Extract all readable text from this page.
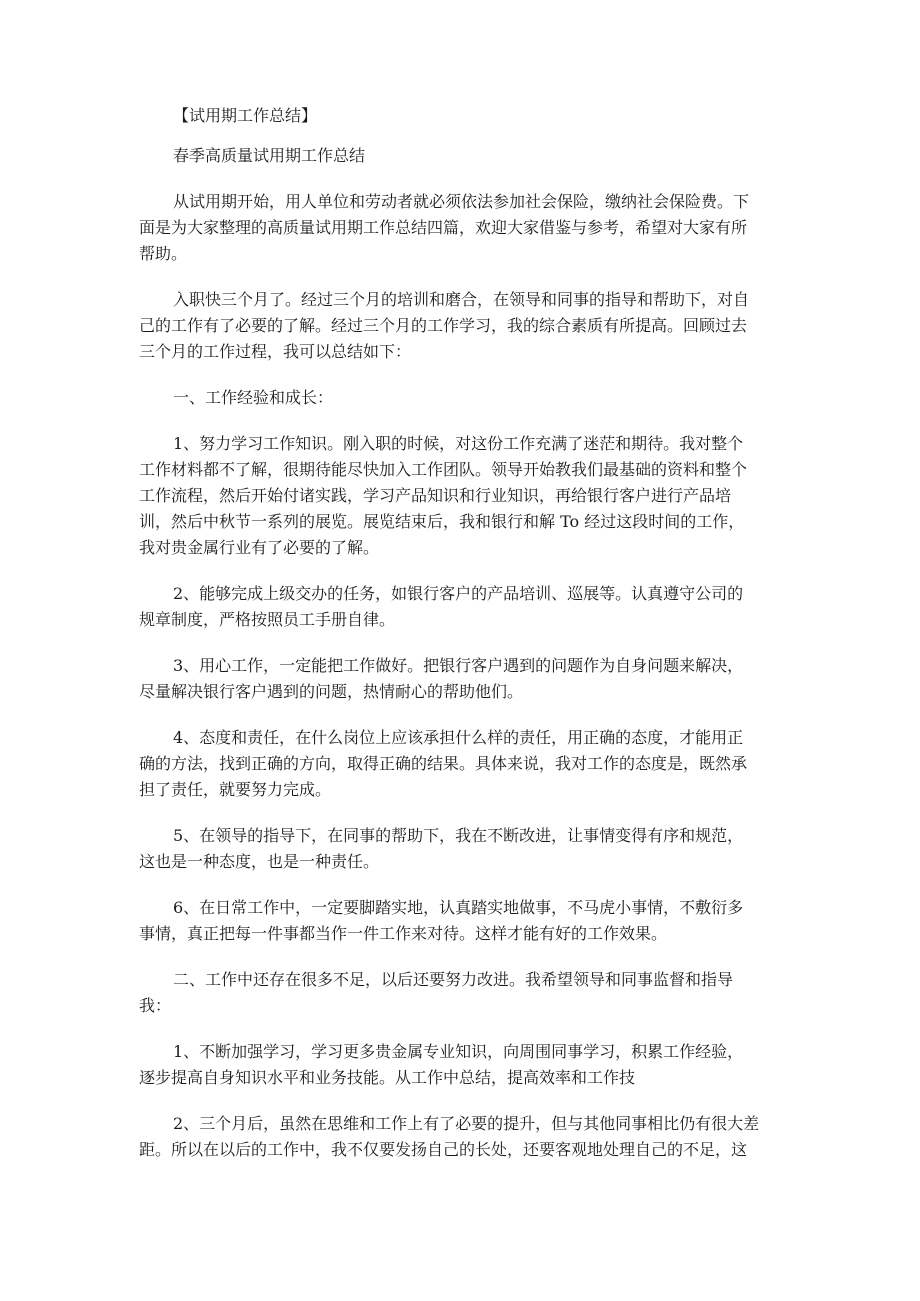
【试用期工作总结】
春季高质量试用期工作总结
从试用期开始，用人单位和劳动者就必须依法参加社会保险，缴纳社会保险费。下
面是为大家整理的高质量试用期工作总结四篇，欢迎大家借鉴与参考，希望对大家有所
帮助。
入职快三个月了。经过三个月的培训和磨合，在领导和同事的指导和帮助下，对自
己的工作有了必要的了解。经过三个月的工作学习，我的综合素质有所提高。回顾过去
三个月的工作过程，我可以总结如下：
一、工作经验和成长：
1、努力学习工作知识。刚入职的时候，对这份工作充满了迷茫和期待。我对整个
工作材料都不了解，很期待能尽快加入工作团队。领导开始教我们最基础的资料和整个
工作流程，然后开始付诸实践，学习产品知识和行业知识，再给银行客户进行产品培
训，然后中秋节一系列的展览。展览结束后，我和银行和解 To 经过这段时间的工作，
我对贵金属行业有了必要的了解。
2、能够完成上级交办的任务，如银行客户的产品培训、巡展等。认真遵守公司的
规章制度，严格按照员工手册自律。
3、用心工作，一定能把工作做好。把银行客户遇到的问题作为自身问题来解决，
尽量解决银行客户遇到的问题，热情耐心的帮助他们。
4、态度和责任，在什么岗位上应该承担什么样的责任，用正确的态度，才能用正
确的方法，找到正确的方向，取得正确的结果。具体来说，我对工作的态度是，既然承
担了责任，就要努力完成。
5、在领导的指导下，在同事的帮助下，我在不断改进，让事情变得有序和规范，
这也是一种态度，也是一种责任。
6、在日常工作中，一定要脚踏实地，认真踏实地做事，不马虎小事情，不敷衍多
事情，真正把每一件事都当作一件工作来对待。这样才能有好的工作效果。
二、工作中还存在很多不足，以后还要努力改进。我希望领导和同事监督和指导
我：
1、不断加强学习，学习更多贵金属专业知识，向周围同事学习，积累工作经验，
逐步提高自身知识水平和业务技能。从工作中总结，提高效率和工作技
2、三个月后，虽然在思维和工作上有了必要的提升，但与其他同事相比仍有很大差
距。所以在以后的工作中，我不仅要发扬自己的长处，还要客观地处理自己的不足，这
